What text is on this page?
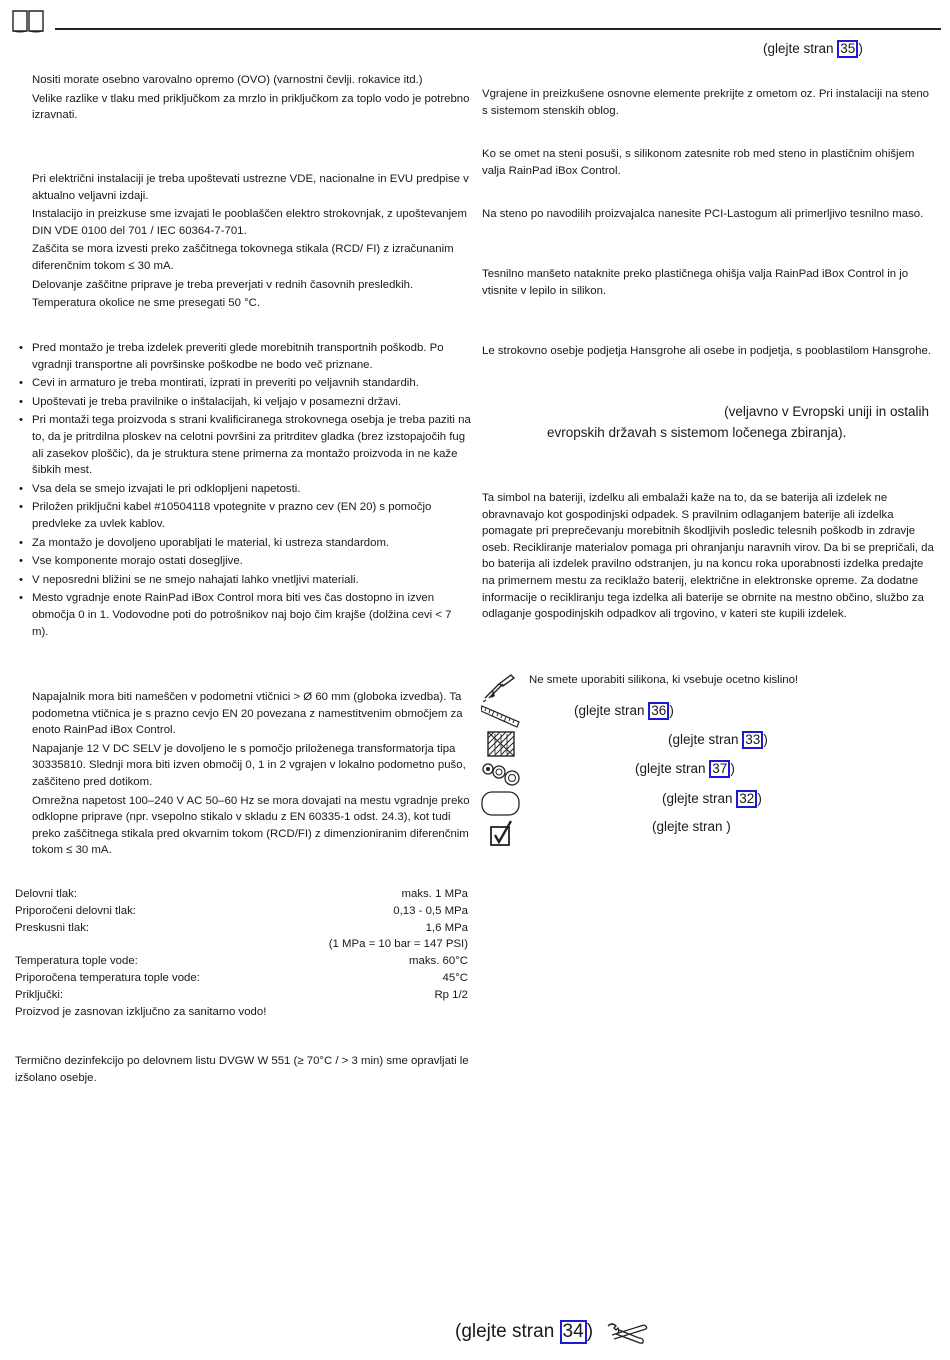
(glejte stran 35 )

Nositi morate osebno varovalno opremo (OVO) (varnostni čevlji. rokavice itd.)

Velike razlike v tlaku med priključkom za mrzlo in priključkom za toplo vodo je potrebno izravnati.

Pri električni instalaciji je treba upoštevati ustrezne VDE, nacionalne in EVU predpise v aktualno veljavni izdaji.

Instalacijo in preizkuse sme izvajati le pooblaščen elektro strokovnjak, z upoštevanjem DIN VDE 0100 del 701 / IEC 60364-7-701.

Zaščita se mora izvesti preko zaščitnega tokovnega stikala (RCD/ FI) z izračunanim diferenčnim tokom ≤ 30 mA.

Delovanje zaščitne priprave je treba preverjati v rednih časovnih presledkih.

Temperatura okolice ne sme presegati 50 °C.

• Pred montažo je treba izdelek preveriti glede morebitnih transportnih poškodb. Po vgradnji transportne ali površinske poškodbe ne bodo več priznane.
• Cevi in armaturo je treba montirati, izprati in preveriti po veljavnih standardih.
• Upoštevati je treba pravilnike o inštalacijah, ki veljajo v posamezni državi.
• Pri montaži tega proizvoda s strani kvalificiranega strokovnega osebja je treba paziti na to, da je pritrdilna ploskev na celotni površini za pritrditev gladka (brez izstopajočih fug ali zasekov ploščic), da je struktura stene primerna za montažo proizvoda in ne kaže šibkih mest.
• Vsa dela se smejo izvajati le pri odklopljeni napetosti.
• Priložen priključni kabel #10504118 vpotegnite v prazno cev (EN 20) s pomočjo predvleke za uvlek kablov.
• Za montažo je dovoljeno uporabljati le material, ki ustreza standardom.
• Vse komponente morajo ostati dosegljive.
• V neposredni bližini se ne smejo nahajati lahko vnetljivi materiali.
• Mesto vgradnje enote RainPad iBox Control mora biti ves čas dostopno in izven območja 0 in 1. Vodovodne poti do potrošnikov naj bojo čim krajše (dolžina cevi < 7 m).

Napajalnik mora biti nameščen v podometni vtičnici > Ø 60 mm (globoka izvedba). Ta podometna vtičnica je s prazno cevjo EN 20 povezana z namestitvenim območjem za enoto RainPad iBox Control.

Napajanje 12 V DC SELV je dovoljeno le s pomočjo priloženega transformatorja tipa 30335810. Slednji mora biti izven območij 0, 1 in 2 vgrajen v lokalno podometno pušo, zaščiteno pred dotikom.

Omrežna napetost 100–240 V AC 50–60 Hz se mora dovajati na mestu vgradnje preko odklopne pripravе (npr. vsepolno stikalo v skladu z EN 60335-1 odst. 24.3), kot tudi preko zaščitnega stikala pred okvarnim tokom (RCD/FI) z dimenzioniranim diferenčnim tokom ≤ 30 mA.

Delovni tlak:	maks. 1 MPa
Priporočeni delovni tlak:	0,13 - 0,5 MPa
Preskusni tlak:	1,6 MPa
	(1 MPa = 10 bar = 147 PSI)
Temperatura tople vode:	maks. 60°C
Priporočena temperatura tople vode:	45°C
Priključki:	Rp 1/2
Proizvod je zasnovan izključno za sanitarno vodo!	

Termično dezinfekcijo po delovnem listu DVGW W 551 (≥ 70°C / > 3 min) sme opravljati le izšolano osebje.

Vgrajene in preizkušene osnovne elemente prekrijte z ometom oz. Pri instalaciji na steno s sistemom stenskih oblog.

Ko se omet na steni posuši, s silikonom zatesnite rob med steno in plastičnim ohišjem valja RainPad iBox Control.

Na steno po navodilih proizvajalca nanesite PCI-Lastogum ali primerljivo tesnilno maso.

Tesnilno manšeto nataknite preko plastičnega ohišja valja RainPad iBox Control in jo vtisnite v lepilo in silikon.

Le strokovno osebje podjetja Hansgrohe ali osebe in podjetja, s pooblastilom Hansgrohe.

(veljavno v Evropski uniji in ostalih
evropskih državah s sistemom ločenega zbiranja).

Ta simbol na bateriji, izdelku ali embalaži kaže na to, da se baterija ali izdelek ne obravnavajo kot gospodinjski odpadek. S pravilnim odlaganjem baterije ali izdelka pomagate pri preprečevanju morebitnih škodljivih posledic telesnih poškodb in zdravje oseb. Recikliranje materialov pomaga pri ohranjanju naravnih virov. Da bi se prepričali, da bo baterija ali izdelek pravilno odstranjen, ju na koncu roka uporabnosti izdelka predajte na primernem mestu za reciklažo baterij, električne in elektronske opreme. Za dodatne informacije o recikliranju tega izdelka ali baterije se obrnite na mestno občino, službo za odlaganje gospodinjskih odpadkov ali trgovino, v kateri ste kupili izdelek.

Ne smete uporabiti silikona, ki vsebuje ocetno kislino!
(glejte stran 36 )
(glejte stran 33 )
(glejte stran 37 )
(glejte stran 32 )
(glejte stran )
(glejte stran 34 )
